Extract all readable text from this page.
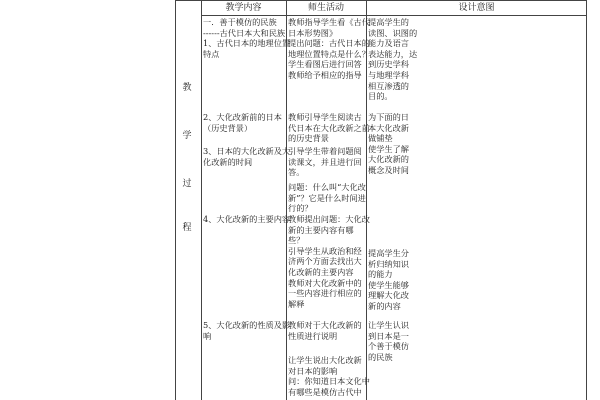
教学内容	师生活动	设计意图
教
学
过
程
一．善于模仿的民族
------古代日本大和民族
1、古代日本的地理位置
特点
2、大化改新前的日本
（历史背景）
3、日本的大化改新及大
化改新的时间
4、大化改新的主要内容
5、大化改新的性质及影
响
教师指导学生看《古代
日本形势图》
提出问题：古代日本的
地理位置特点是什么？
学生看图后进行回答
教师给予相应的指导
教师引导学生阅读古
代日本在大化改新之前
的历史背景
引导学生带着问题阅
读课文，并且进行回
答。
问题：什么叫“大化改
新”？它是什么时间进
行的？
教师提出问题：大化改
新的主要内容有哪
些？
引导学生从政治和经
济两个方面去找出大
化改新的主要内容
教师对大化改新中的
一些内容进行相应的
解释
教师对于大化改新的
性质进行说明
让学生说出大化改新
对日本的影响
问：你知道日本文化中
有哪些是模仿古代中
提高学生的
读图、识图的
能力及语言
表达能力，达
到历史学科
与地理学科
相互渗透的
目的。
为下面的日
本大化改新
做铺垫
使学生了解
大化改新的
概念及时间
提高学生分
析归纳知识
的能力
使学生能够
理解大化改
新的内容
让学生认识
到日本是一
个善于模仿
的民族
